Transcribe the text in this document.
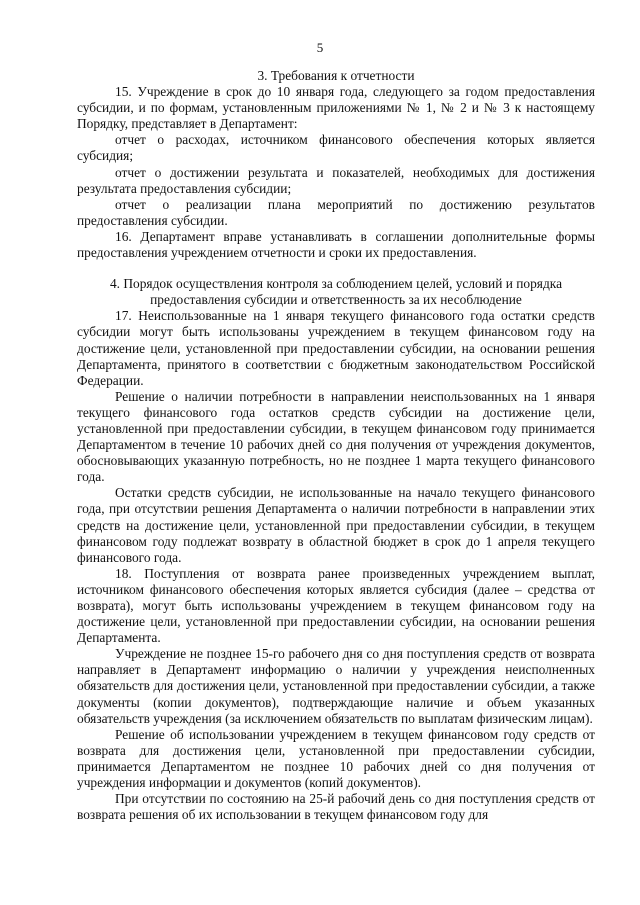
5

3. Требования к отчетности

15. Учреждение в срок до 10 января года, следующего за годом предоставления субсидии, и по формам, установленным приложениями № 1, № 2 и № 3 к настоящему Порядку, представляет в Департамент:

отчет о расходах, источником финансового обеспечения которых является субсидия;

отчет о достижении результата и показателей, необходимых для достижения результата предоставления субсидии;

отчет о реализации плана мероприятий по достижению результатов предоставления субсидии.

16. Департамент вправе устанавливать в соглашении дополнительные формы предоставления учреждением отчетности и сроки их предоставления.

4. Порядок осуществления контроля за соблюдением целей, условий и порядка

предоставления субсидии и ответственность за их несоблюдение

17. Неиспользованные на 1 января текущего финансового года остатки средств субсидии могут быть использованы учреждением в текущем финансовом году на достижение цели, установленной при предоставлении субсидии, на основании решения Департамента, принятого в соответствии с бюджетным законодательством Российской Федерации.

Решение о наличии потребности в направлении неиспользованных на 1 января текущего финансового года остатков средств субсидии на достижение цели, установленной при предоставлении субсидии, в текущем финансовом году принимается Департаментом в течение 10 рабочих дней со дня получения от учреждения документов, обосновывающих указанную потребность, но не позднее 1 марта текущего финансового года.

Остатки средств субсидии, не использованные на начало текущего финансового года, при отсутствии решения Департамента о наличии потребности в направлении этих средств на достижение цели, установленной при предоставлении субсидии, в текущем финансовом году подлежат возврату в областной бюджет в срок до 1 апреля текущего финансового года.

18. Поступления от возврата ранее произведенных учреждением выплат, источником финансового обеспечения которых является субсидия (далее – средства от возврата), могут быть использованы учреждением в текущем финансовом году на достижение цели, установленной при предоставлении субсидии, на основании решения Департамента.

Учреждение не позднее 15-го рабочего дня со дня поступления средств от возврата направляет в Департамент информацию о наличии у учреждения неисполненных обязательств для достижения цели, установленной при предоставлении субсидии, а также документы (копии документов), подтверждающие наличие и объем указанных обязательств учреждения (за исключением обязательств по выплатам физическим лицам).

Решение об использовании учреждением в текущем финансовом году средств от возврата для достижения цели, установленной при предоставлении субсидии, принимается Департаментом не позднее 10 рабочих дней со дня получения от учреждения информации и документов (копий документов).

При отсутствии по состоянию на 25-й рабочий день со дня поступления средств от возврата решения об их использовании в текущем финансовом году для
